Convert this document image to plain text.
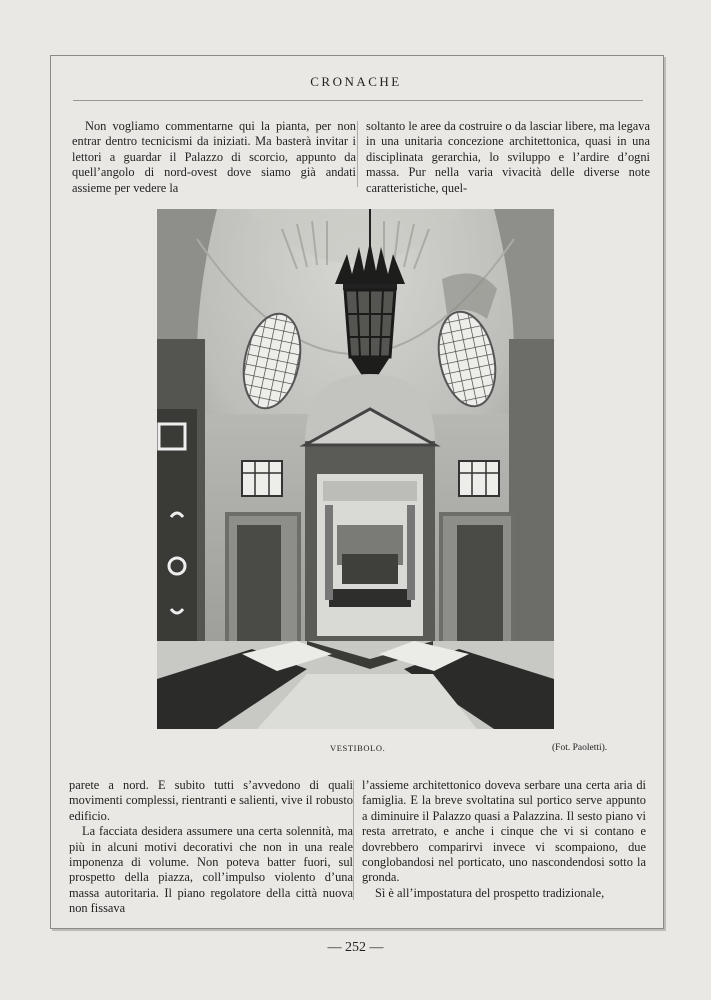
CRONACHE

Non vogliamo commentarne qui la pianta, per non entrar dentro tecnicismi da iniziati. Ma basterà invitar i lettori a guardar il Palazzo di scorcio, appunto da quell’angolo di nord-ovest dove siamo già andati assieme per vedere la

soltanto le aree da costruire o da lasciar libere, ma legava in una unitaria concezione architettonica, quasi in una disciplinata gerarchia, lo sviluppo e l’ardire d’ogni massa. Pur nella varia vivacità delle diverse note caratteristiche, quel-

VESTIBOLO.	(Fot. Paoletti).

parete a nord. E subito tutti s’avvedono di quali movimenti complessi, rientranti e salienti, vive il robusto edificio.

La facciata desidera assumere una certa solennità, ma più in alcuni motivi decorativi che non in una reale imponenza di volume. Non poteva batter fuori, sul prospetto della piazza, coll’impulso violento d’una massa autoritaria. Il piano regolatore della città nuova non fissava

l’assieme architettonico doveva serbare una certa aria di famiglia. E la breve svoltatina sul portico serve appunto a diminuire il Palazzo quasi a Palazzina. Il sesto piano vi resta arretrato, e anche i cinque che vi si contano e dovrebbero comparirvi invece vi scompaiono, due conglobandosi nel porticato, uno nascondendosi sotto la gronda.

Sì è all’impostatura del prospetto tradizionale,

— 252 —
